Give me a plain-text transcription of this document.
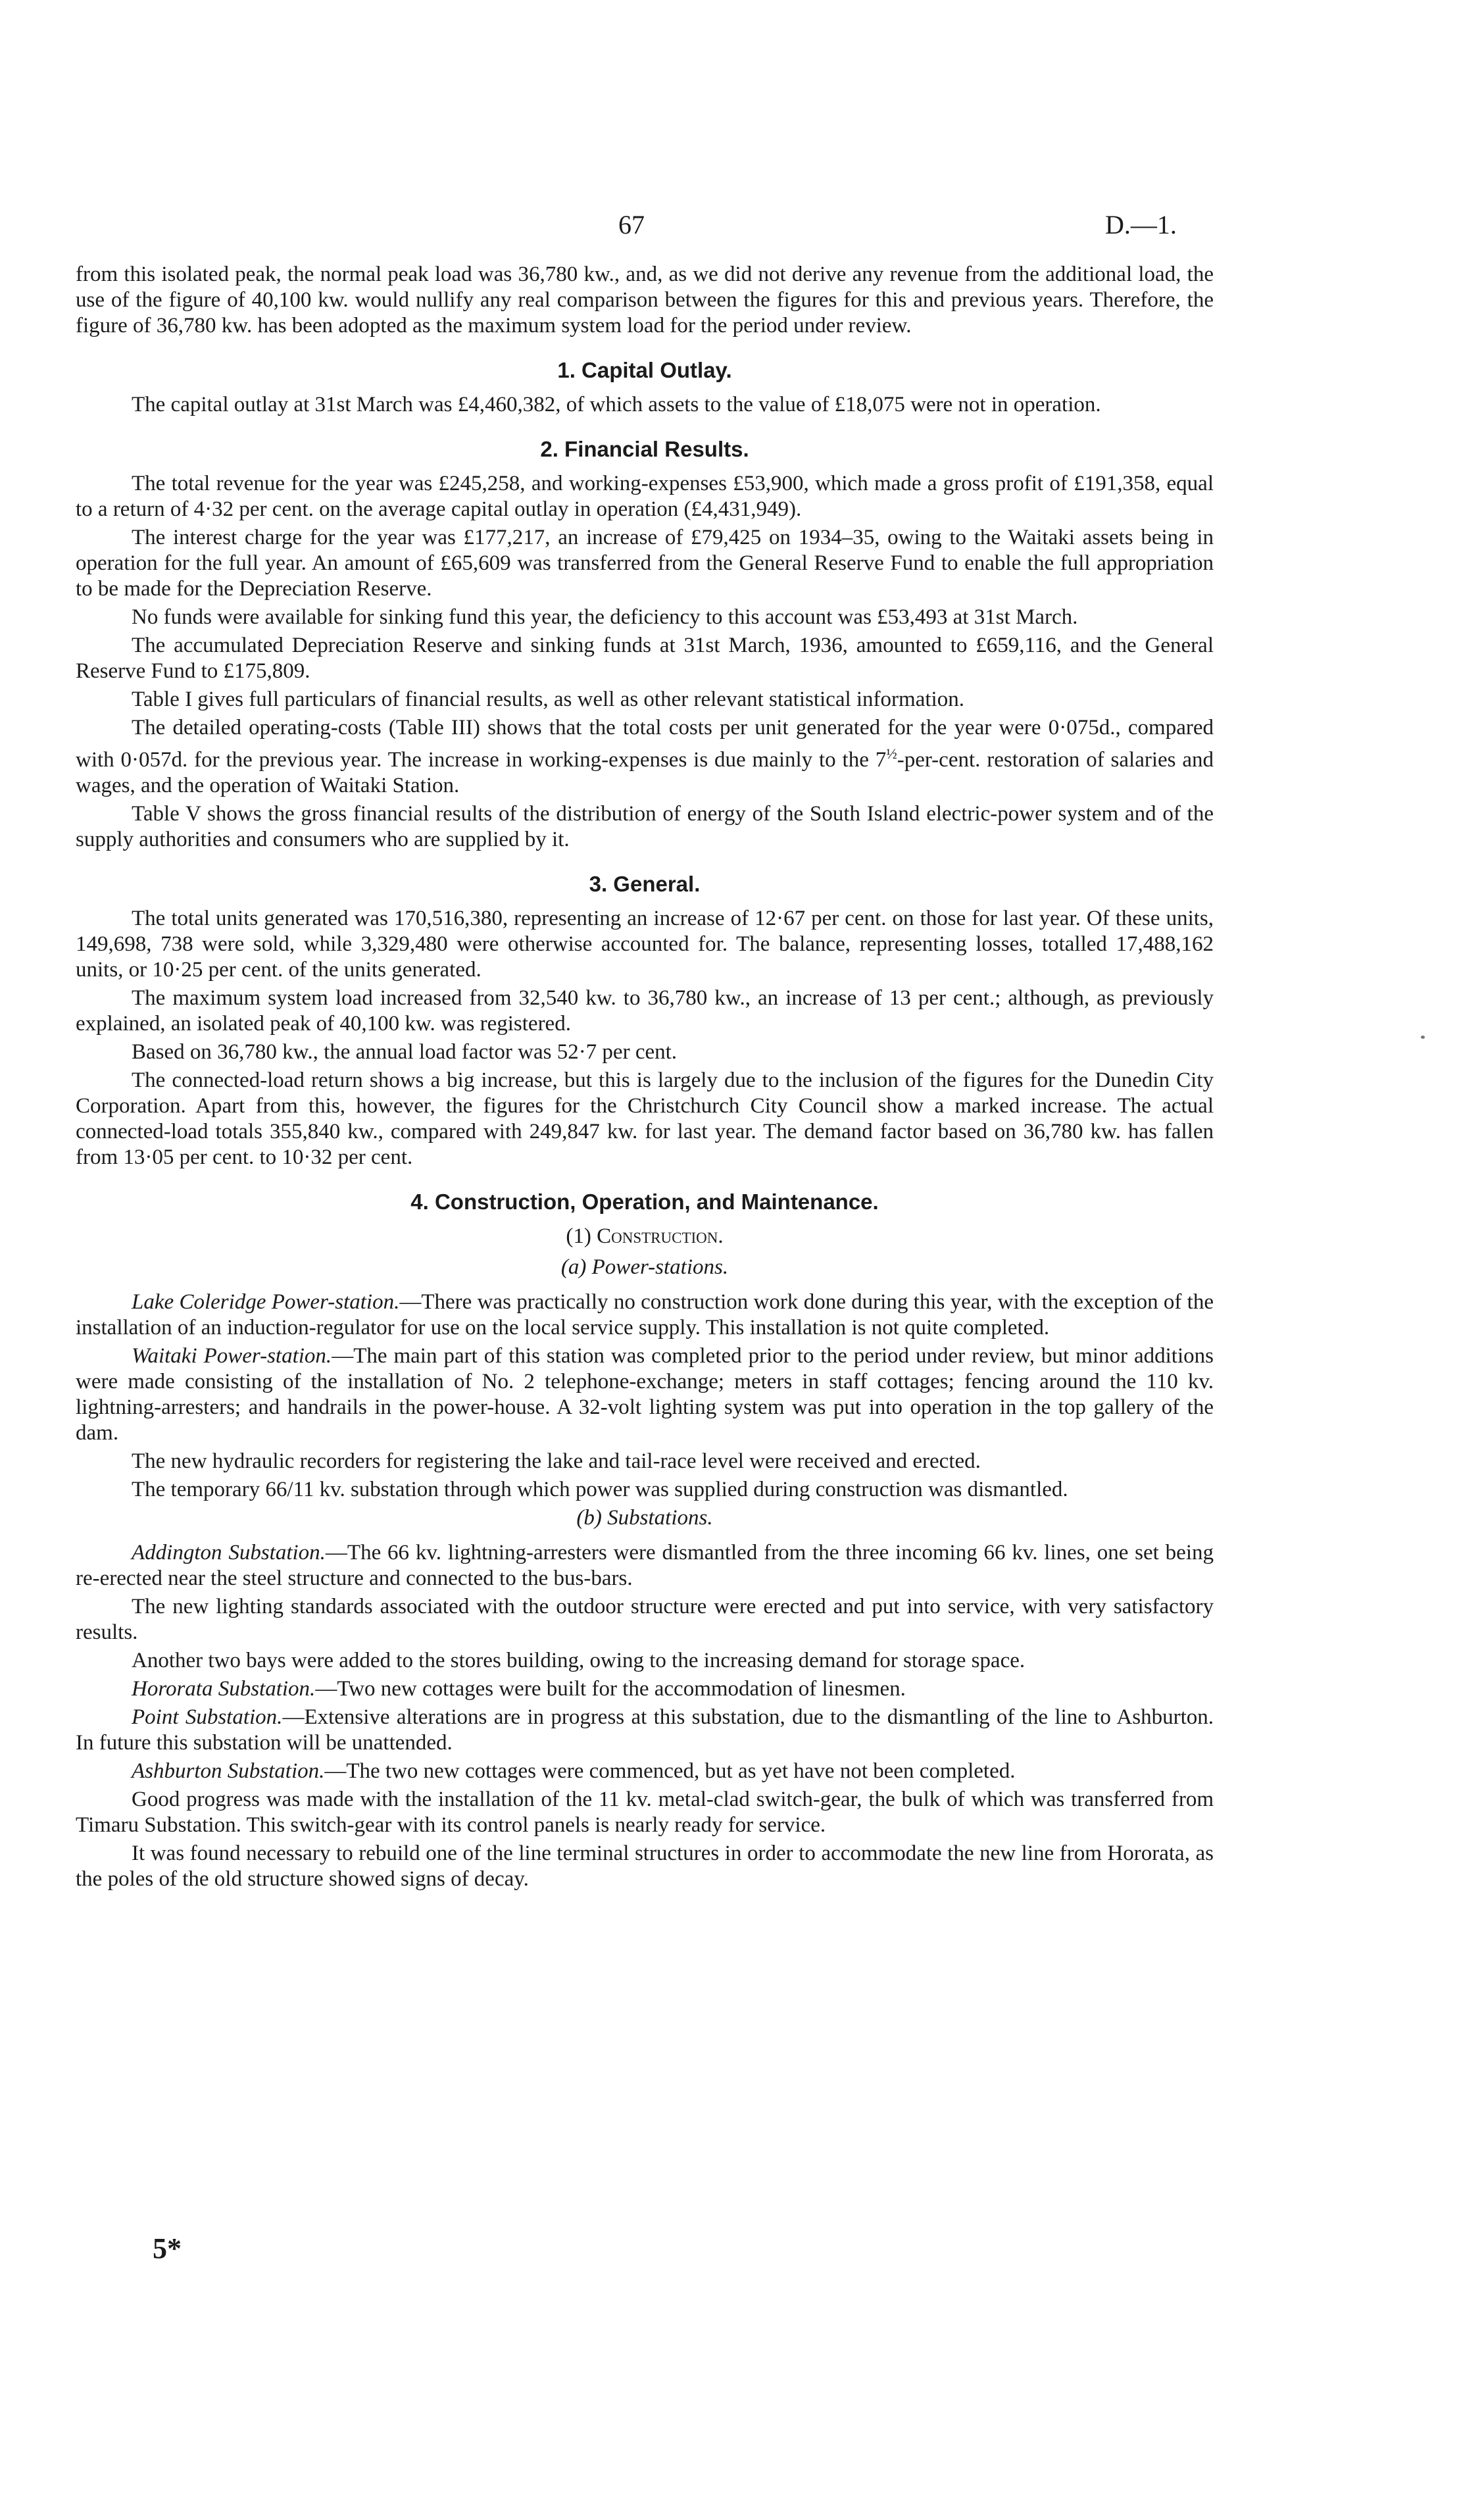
67	D.—1.

from this isolated peak, the normal peak load was 36,780 kw., and, as we did not derive any revenue from the additional load, the use of the figure of 40,100 kw. would nullify any real comparison between the figures for this and previous years. Therefore, the figure of 36,780 kw. has been adopted as the maximum system load for the period under review.

1. Capital Outlay.

The capital outlay at 31st March was £4,460,382, of which assets to the value of £18,075 were not in operation.

2. Financial Results.

The total revenue for the year was £245,258, and working-expenses £53,900, which made a gross profit of £191,358, equal to a return of 4·32 per cent. on the average capital outlay in operation (£4,431,949).

The interest charge for the year was £177,217, an increase of £79,425 on 1934–35, owing to the Waitaki assets being in operation for the full year. An amount of £65,609 was transferred from the General Reserve Fund to enable the full appropriation to be made for the Depreciation Reserve.

No funds were available for sinking fund this year, the deficiency to this account was £53,493 at 31st March.

The accumulated Depreciation Reserve and sinking funds at 31st March, 1936, amounted to £659,116, and the General Reserve Fund to £175,809.

Table I gives full particulars of financial results, as well as other relevant statistical information.

The detailed operating-costs (Table III) shows that the total costs per unit generated for the year were 0·075d., compared with 0·057d. for the previous year. The increase in working-expenses is due mainly to the $7^{\frac{1}{2}}-per$-cent. restoration of salaries and wages, and the operation of Waitaki Station.

Table V shows the gross financial results of the distribution of energy of the South Island electric-power system and of the supply authorities and consumers who are supplied by it.

3. General.

The total units generated was 170,516,380, representing an increase of 12·67 per cent. on those for last year. Of these units, 149,698, 738 were sold, while 3,329,480 were otherwise accounted for. The balance, representing losses, totalled 17,488,162 units, or 10·25 per cent. of the units generated.

The maximum system load increased from 32,540 kw. to 36,780 kw., an increase of 13 per cent.; although, as previously explained, an isolated peak of 40,100 kw. was registered.

Based on 36,780 kw., the annual load factor was 52·7 per cent.

The connected-load return shows a big increase, but this is largely due to the inclusion of the figures for the Dunedin City Corporation. Apart from this, however, the figures for the Christchurch City Council show a marked increase. The actual connected-load totals 355,840 kw., compared with 249,847 kw. for last year. The demand factor based on 36,780 kw. has fallen from 13·05 per cent. to 10·32 per cent.

4. Construction, Operation, and Maintenance.
(1) Construction.
(a) Power-stations.

Lake Coleridge Power-station.—There was practically no construction work done during this year, with the exception of the installation of an induction-regulator for use on the local service supply. This installation is not quite completed.

Waitaki Power-station.—The main part of this station was completed prior to the period under review, but minor additions were made consisting of the installation of No. 2 telephone-exchange; meters in staff cottages; fencing around the 110 kv. lightning-arresters; and handrails in the power-house. A 32-volt lighting system was put into operation in the top gallery of the dam.

The new hydraulic recorders for registering the lake and tail-race level were received and erected.

The temporary 66/11 kv. substation through which power was supplied during construction was dismantled.

(b) Substations.

Addington Substation.—The 66 kv. lightning-arresters were dismantled from the three incoming 66 kv. lines, one set being re-erected near the steel structure and connected to the bus-bars.

The new lighting standards associated with the outdoor structure were erected and put into service, with very satisfactory results.

Another two bays were added to the stores building, owing to the increasing demand for storage space.

Hororata Substation.—Two new cottages were built for the accommodation of linesmen.

Point Substation.—Extensive alterations are in progress at this substation, due to the dismantling of the line to Ashburton. In future this substation will be unattended.

Ashburton Substation.—The two new cottages were commenced, but as yet have not been completed.

Good progress was made with the installation of the 11 kv. metal-clad switch-gear, the bulk of which was transferred from Timaru Substation. This switch-gear with its control panels is nearly ready for service.

It was found necessary to rebuild one of the line terminal structures in order to accommodate the new line from Hororata, as the poles of the old structure showed signs of decay.

5*
